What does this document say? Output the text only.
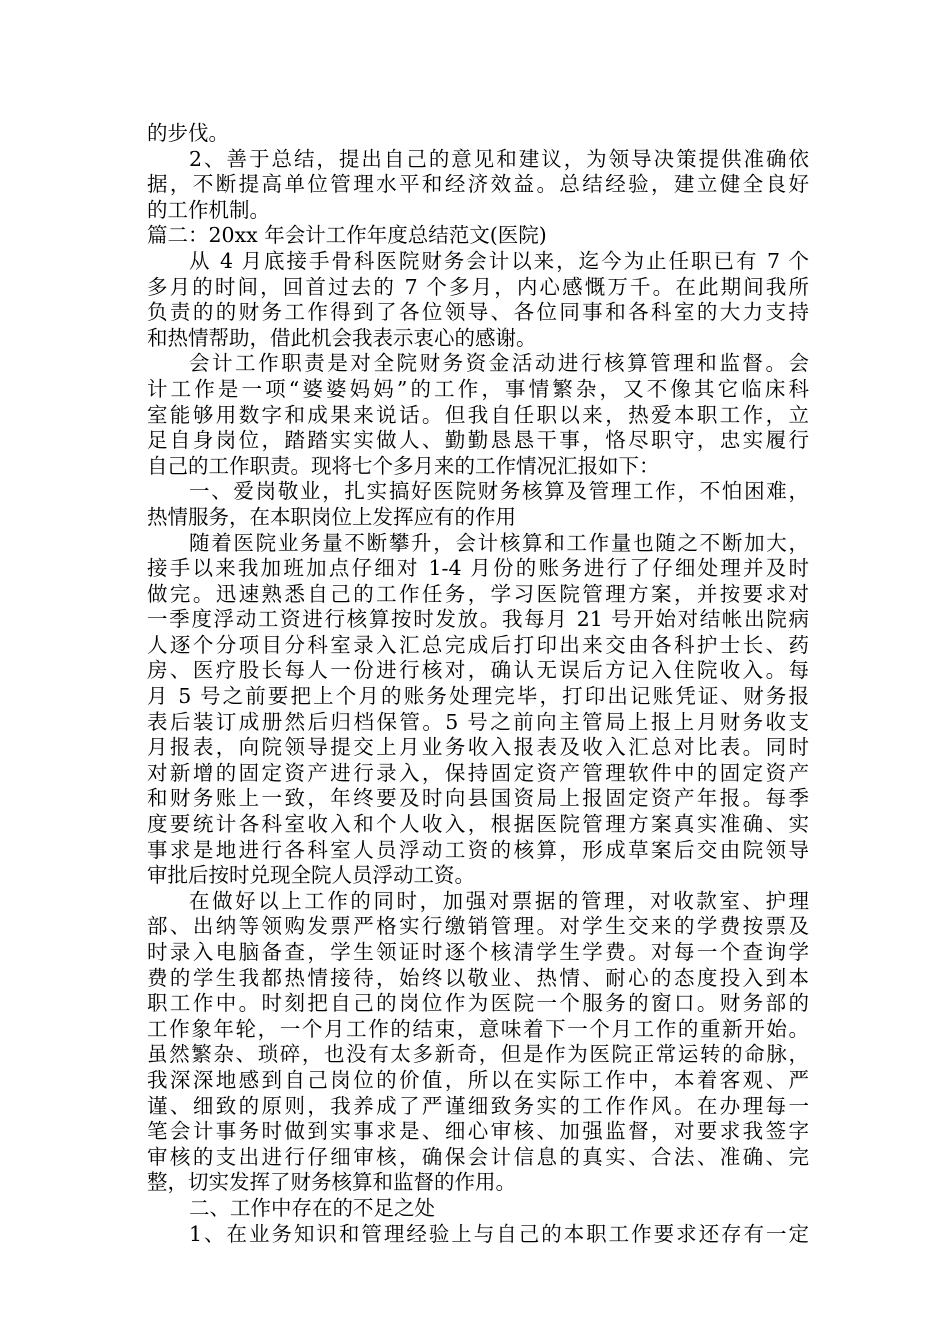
的步伐。
2、善于总结，提出自己的意见和建议，为领导决策提供准确依
据，不断提高单位管理水平和经济效益。总结经验，建立健全良好
的工作机制。
篇二：20xx 年会计工作年度总结范文(医院)
从 4 月底接手骨科医院财务会计以来，迄今为止任职已有 7 个
多月的时间，回首过去的 7 个多月，内心感慨万千。在此期间我所
负责的的财务工作得到了各位领导、各位同事和各科室的大力支持
和热情帮助，借此机会我表示衷心的感谢。
会计工作职责是对全院财务资金活动进行核算管理和监督。会
计工作是一项“婆婆妈妈”的工作，事情繁杂，又不像其它临床科
室能够用数字和成果来说话。但我自任职以来，热爱本职工作，立
足自身岗位，踏踏实实做人、勤勤恳恳干事，恪尽职守，忠实履行
自己的工作职责。现将七个多月来的工作情况汇报如下：
一、爱岗敬业，扎实搞好医院财务核算及管理工作，不怕困难，
热情服务，在本职岗位上发挥应有的作用
随着医院业务量不断攀升，会计核算和工作量也随之不断加大，
接手以来我加班加点仔细对 1-4 月份的账务进行了仔细处理并及时
做完。迅速熟悉自己的工作任务，学习医院管理方案，并按要求对
一季度浮动工资进行核算按时发放。我每月 21 号开始对结帐出院病
人逐个分项目分科室录入汇总完成后打印出来交由各科护士长、药
房、医疗股长每人一份进行核对，确认无误后方记入住院收入。每
月 5 号之前要把上个月的账务处理完毕，打印出记账凭证、财务报
表后装订成册然后归档保管。5 号之前向主管局上报上月财务收支
月报表，向院领导提交上月业务收入报表及收入汇总对比表。同时
对新增的固定资产进行录入，保持固定资产管理软件中的固定资产
和财务账上一致，年终要及时向县国资局上报固定资产年报。每季
度要统计各科室收入和个人收入，根据医院管理方案真实准确、实
事求是地进行各科室人员浮动工资的核算，形成草案后交由院领导
审批后按时兑现全院人员浮动工资。
在做好以上工作的同时，加强对票据的管理，对收款室、护理
部、出纳等领购发票严格实行缴销管理。对学生交来的学费按票及
时录入电脑备查，学生领证时逐个核清学生学费。对每一个查询学
费的学生我都热情接待，始终以敬业、热情、耐心的态度投入到本
职工作中。时刻把自己的岗位作为医院一个服务的窗口。财务部的
工作象年轮，一个月工作的结束，意味着下一个月工作的重新开始。
虽然繁杂、琐碎，也没有太多新奇，但是作为医院正常运转的命脉，
我深深地感到自己岗位的价值，所以在实际工作中，本着客观、严
谨、细致的原则，我养成了严谨细致务实的工作作风。在办理每一
笔会计事务时做到实事求是、细心审核、加强监督，对要求我签字
审核的支出进行仔细审核，确保会计信息的真实、合法、准确、完
整，切实发挥了财务核算和监督的作用。
二、工作中存在的不足之处
1、在业务知识和管理经验上与自己的本职工作要求还存有一定
